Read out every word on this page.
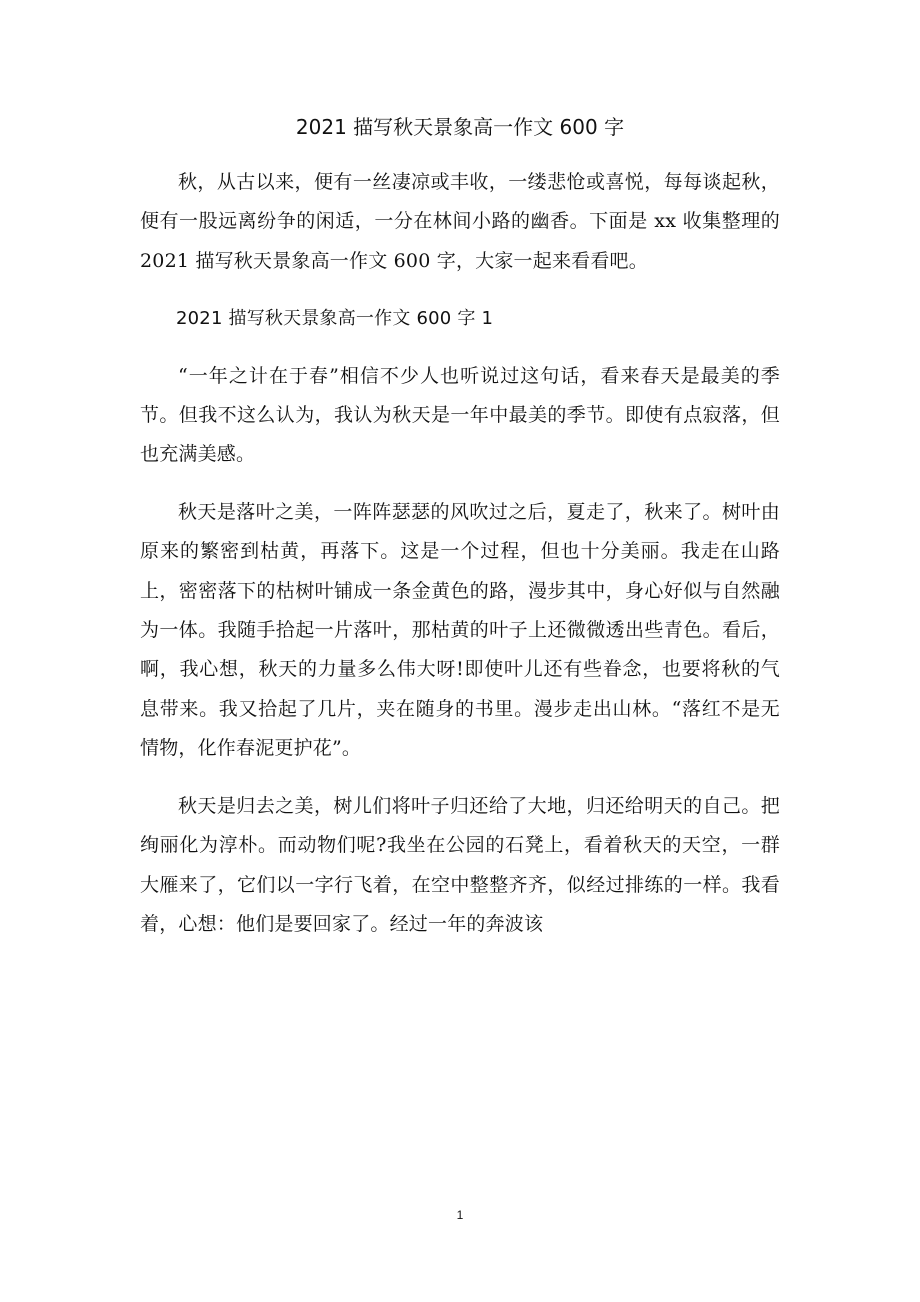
2021 描写秋天景象高一作文 600 字

秋，从古以来，便有一丝凄凉或丰收，一缕悲怆或喜悦，每每谈起秋，便有一股远离纷争的闲适，一分在林间小路的幽香。下面是 xx 收集整理的 2021 描写秋天景象高一作文 600 字，大家一起来看看吧。

2021 描写秋天景象高一作文 600 字 1

“一年之计在于春”相信不少人也听说过这句话，看来春天是最美的季节。但我不这么认为，我认为秋天是一年中最美的季节。即使有点寂落，但也充满美感。

秋天是落叶之美，一阵阵瑟瑟的风吹过之后，夏走了，秋来了。树叶由原来的繁密到枯黄，再落下。这是一个过程，但也十分美丽。我走在山路上，密密落下的枯树叶铺成一条金黄色的路，漫步其中，身心好似与自然融为一体。我随手拾起一片落叶，那枯黄的叶子上还微微透出些青色。看后，啊，我心想，秋天的力量多么伟大呀!即使叶儿还有些眷念，也要将秋的气息带来。我又拾起了几片，夹在随身的书里。漫步走出山林。“落红不是无情物，化作春泥更护花”。

秋天是归去之美，树儿们将叶子归还给了大地，归还给明天的自己。把绚丽化为淳朴。而动物们呢?我坐在公园的石凳上，看着秋天的天空，一群大雁来了，它们以一字行飞着，在空中整整齐齐，似经过排练的一样。我看着，心想：他们是要回家了。经过一年的奔波该

1
